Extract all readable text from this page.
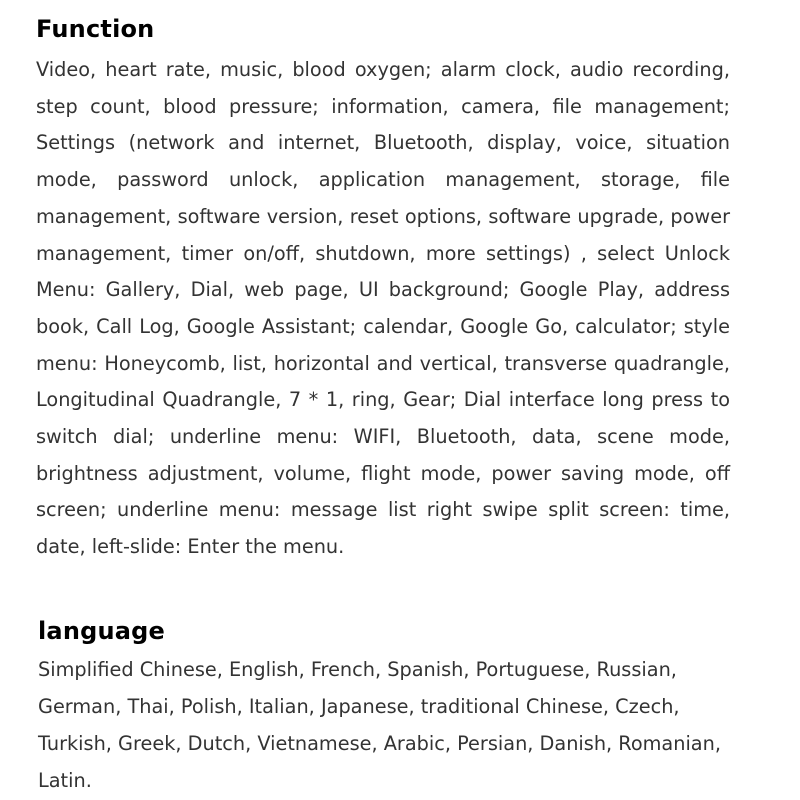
Function

Video, heart rate, music, blood oxygen; alarm clock, audio recording, step count, blood pressure; information, camera, file management; Settings (network and internet, Bluetooth, display, voice, situation mode, password unlock, application management, storage, file management, software version, reset options, software upgrade, power management, timer on/off, shutdown, more settings) , select Unlock Menu: Gallery, Dial, web page, UI background; Google Play, address book, Call Log, Google Assistant; calendar, Google Go, calculator; style menu: Honeycomb, list, horizontal and vertical, transverse quadrangle, Longitudinal Quadrangle, 7 * 1, ring, Gear; Dial interface long press to switch dial; underline menu: WIFI, Bluetooth, data, scene mode, brightness adjustment, volume, flight mode, power saving mode, off screen; underline menu: message list right swipe split screen: time, date, left-slide: Enter the menu.

language

Simplified Chinese, English, French, Spanish, Portuguese, Russian, German, Thai, Polish, Italian, Japanese, traditional Chinese, Czech, Turkish, Greek, Dutch, Vietnamese, Arabic, Persian, Danish, Romanian, Latin.
